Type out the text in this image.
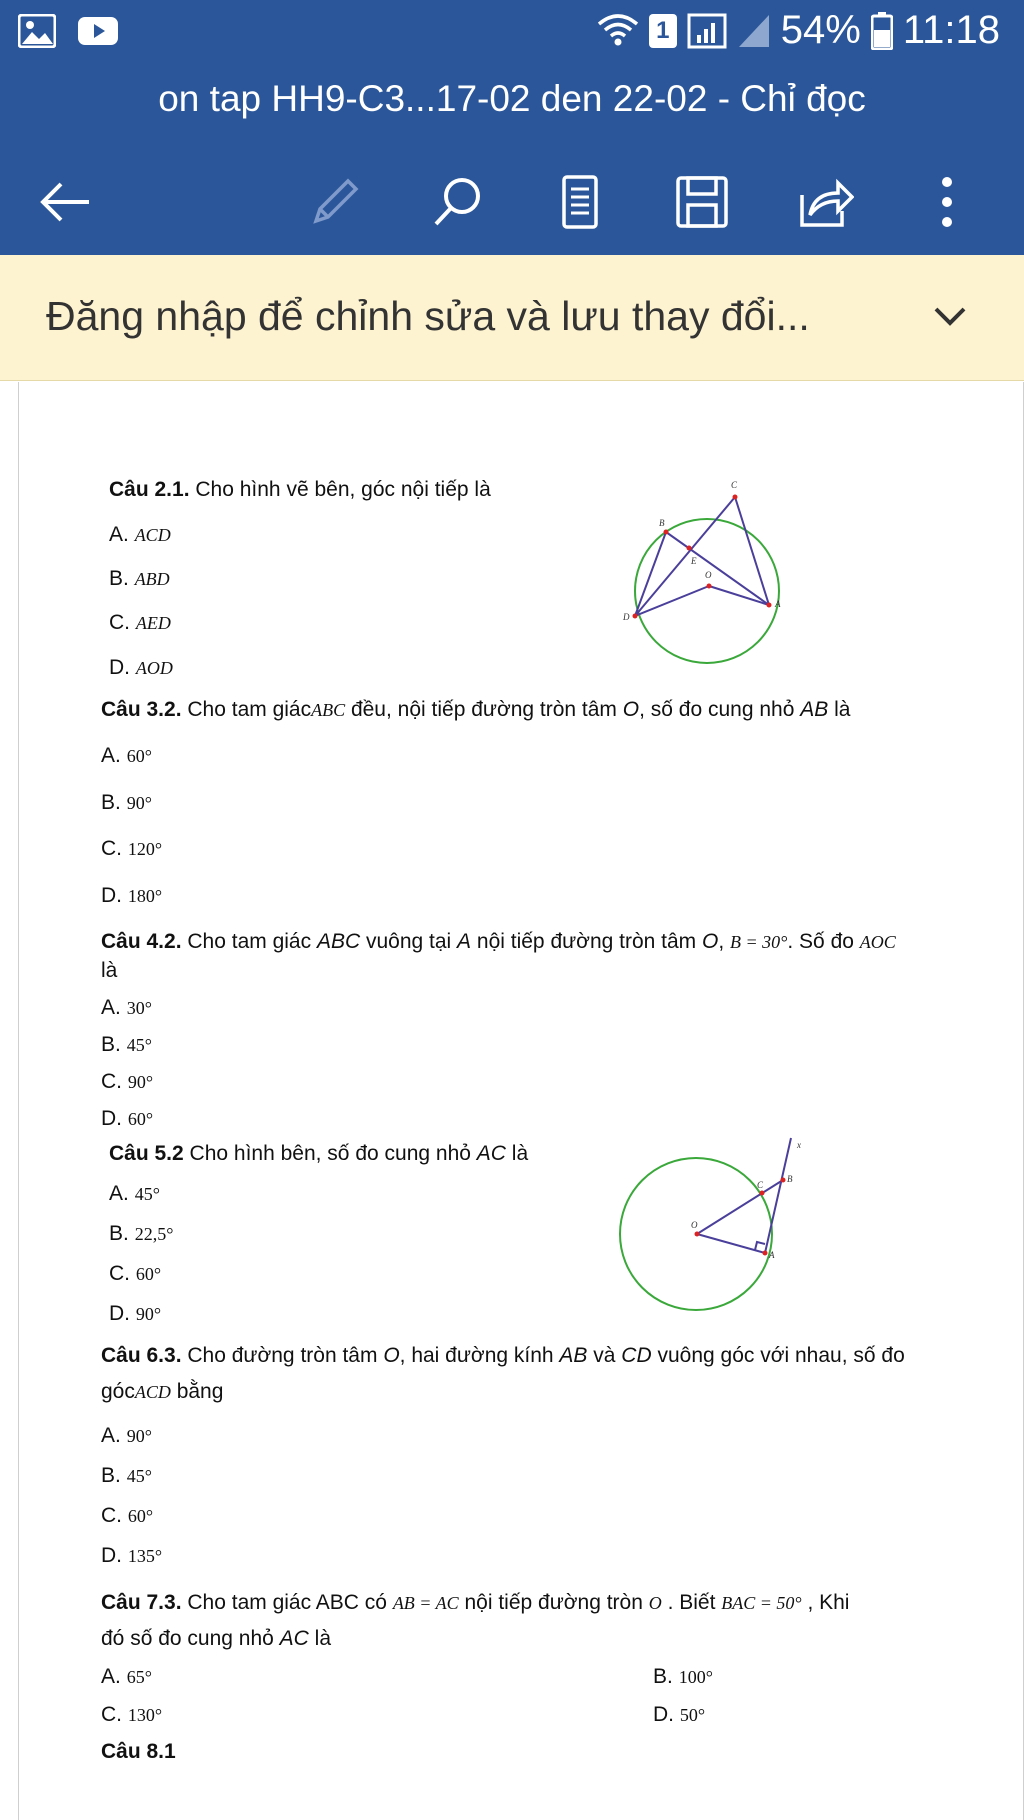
1	54% 11:18
on tap HH9-C3...17-02 den 22-02 - Chỉ đọc
Đăng nhập để chỉnh sửa và lưu thay đổi...
Câu 2.1. Cho hình vẽ bên, góc nội tiếp là
A. ACD
B. ABD
C. AED
D. AOD
C
B
E
O
D
A
Câu 3.2. Cho tam giácABC đều, nội tiếp đường tròn tâm O, số đo cung nhỏ AB là
A. 60°
B. 90°
C. 120°
D. 180°
Câu 4.2. Cho tam giác ABC vuông tại A nội tiếp đường tròn tâm O, B = 30°. Số đo AOC
là
A. 30°
B. 45°
C. 90°
D. 60°
Câu 5.2 Cho hình bên, số đo cung nhỏ AC là
A. 45°
B. 22,5°
C. 60°
D. 90°
x
C
B
O
A
Câu 6.3. Cho đường tròn tâm O, hai đường kính AB và CD vuông góc với nhau, số đo
gócACD bằng
A. 90°
B. 45°
C. 60°
D. 135°
Câu 7.3. Cho tam giác ABC có AB = AC nội tiếp đường tròn O . Biết BAC = 50° , Khi
đó số đo cung nhỏ AC là
A. 65°	B. 100°
C. 130°	D. 50°
Câu 8.1
